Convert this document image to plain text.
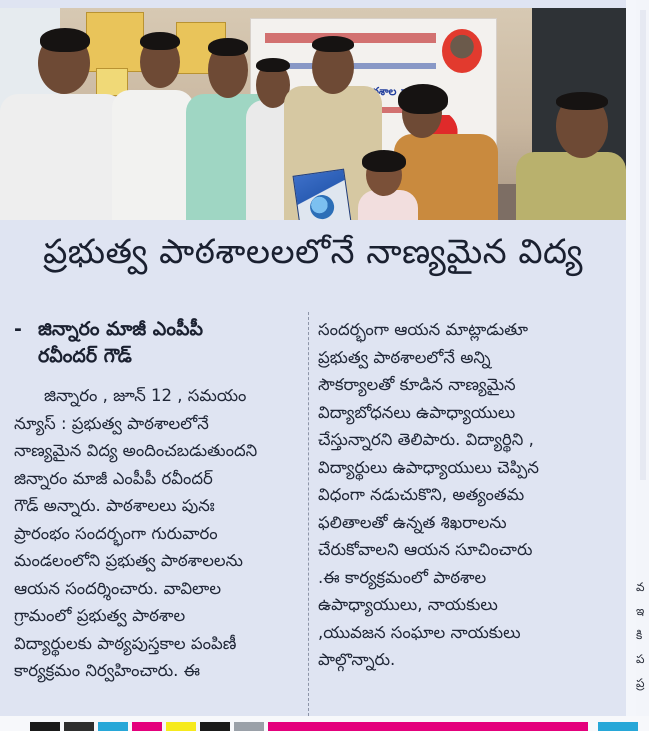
పాఠశాల
ప్రభుత్వ పాఠశాలలలోనే నాణ్యమైన విద్య
- జిన్నారం మాజీ ఎంపీపీ
రవీందర్ గౌడ్
జిన్నారం , జూన్ 12 , సమయం
న్యూస్ : ప్రభుత్వ పాఠశాలలోనే
నాణ్యమైన విద్య అందించబడుతుందని
జిన్నారం మాజీ ఎంపీపీ రవీందర్
గౌడ్ అన్నారు. పాఠశాలలు పునః
ప్రారంభం సందర్భంగా గురువారం
మండలంలోని ప్రభుత్వ పాఠశాలలను
ఆయన సందర్శించారు. వావిలాల
గ్రామంలో ప్రభుత్వ పాఠశాల
విద్యార్థులకు పాఠ్యపుస్తకాల పంపిణీ
కార్యక్రమం నిర్వహించారు. ఈ
సందర్భంగా ఆయన మాట్లాడుతూ
ప్రభుత్వ పాఠశాలలోనే అన్ని
సౌకర్యాలతో కూడిన నాణ్యమైన
విద్యాబోధనలు ఉపాధ్యాయులు
చేస్తున్నారని తెలిపారు. విద్యార్థిని ,
విద్యార్థులు ఉపాధ్యాయులు చెప్పిన
విధంగా నడుచుకొని, అత్యంతమ
ఫలితాలతో ఉన్నత శిఖరాలను
చేరుకోవాలని ఆయన సూచించారు
.ఈ కార్యక్రమంలో పాఠశాల
ఉపాధ్యాయులు, నాయకులు
,యువజన సంఘాల నాయకులు
పాల్గొన్నారు.
వ
ఇ
కి
ప
ప్ర
